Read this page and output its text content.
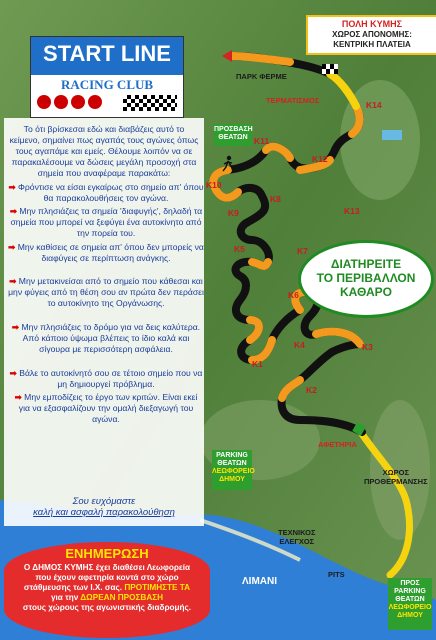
START LINE
RACING CLUB
ΠΟΛΗ ΚΥΜΗΣ
ΧΩΡΟΣ ΑΠΟΝΟΜΗΣ:
ΚΕΝΤΡΙΚΗ ΠΛΑΤΕΙΑ
Το ότι βρίσκεσαι εδώ και διαβάζεις αυτό το κείμενο, σημαίνει πως αγαπάς τους αγώνες όπως τους αγαπάμε και εμείς. Θέλουμε λοιπόν να σε παρακαλέσουμε να δώσεις μεγάλη προσοχή στα σημεία που αναφέραμε παρακάτω:
➡ Φρόντισε να είσαι εγκαίρως στο σημείο απ' όπου θα παρακολουθήσεις τον αγώνα.
➡ Μην πλησιάζεις τα σημεία 'διαφυγής', δηλαδή τα σημεία που μπορεί να ξεφύγει ένα αυτοκίνητο από την πορεία του.
➡ Μην καθίσεις σε σημεία απ' όπου δεν μπορείς να διαφύγεις σε περίπτωση ανάγκης.
➡ Μην μετακινείσαι από το σημείο που κάθεσαι και μην φύγεις από τη θέση σου αν πρώτα δεν περάσει το αυτοκίνητο της Οργάνωσης.
➡ Μην πλησιάζεις το δρόμο για να δεις καλύτερα. Από κάποιο ύψωμα βλέπεις το ίδιο καλά και σίγουρα με περισσότερη ασφάλεια.
➡ Βάλε το αυτοκίνητό σου σε τέτοιο σημείο που να μη δημιουργεί πρόβλημα.
➡ Μην εμποδίζεις το έργο των κριτών. Είναι εκεί για να εξασφαλίζουν την ομαλή διεξαγωγή του αγώνα.
Σου ευχόμαστε
καλή και ασφαλή παρακολούθηση
ΠΑΡΚ ΦΕΡΜΕ
ΤΕΡΜΑΤΙΣΜΟΣ
ΑΦΕΤΗΡΙΑ
ΧΩΡΟΣ
ΠΡΟΘΕΡΜΑΝΣΗΣ
ΤΕΧΝΙΚΟΣ
ΕΛΕΓΧΟΣ
PITS
ΛΙΜΑΝΙ
K1
K2
K3
K4
K5
K6
K7
K8
K9
K10
K11
K12
K13
K14
ΠΡΟΣΒΑΣΗ
ΘΕΑΤΩΝ
PARKING
ΘΕΑΤΩΝ
ΛΕΩΦΟΡΕΙΟ
ΔΗΜΟΥ
ΠΡΟΣ
PARKING
ΘΕΑΤΩΝ
ΛΕΩΦΟΡΕΙΟ
ΔΗΜΟΥ
ΔΙΑΤΗΡΕΙΤΕ
ΤΟ ΠΕΡΙΒΑΛΛΟΝ
ΚΑΘΑΡΟ
ΕΝΗΜΕΡΩΣΗ
Ο ΔΗΜΟΣ ΚΥΜΗΣ έχει διαθέσει Λεωφορεία
που έχουν αφετηρία κοντά στο χώρο
στάθμευσης των Ι.Χ. σας. ΠΡΟΤΙΜΗΣΤΕ ΤΑ
για την ΔΩΡΕΑΝ ΠΡΟΣΒΑΣΗ
στους χώρους της αγωνιστικής διαδρομής.
